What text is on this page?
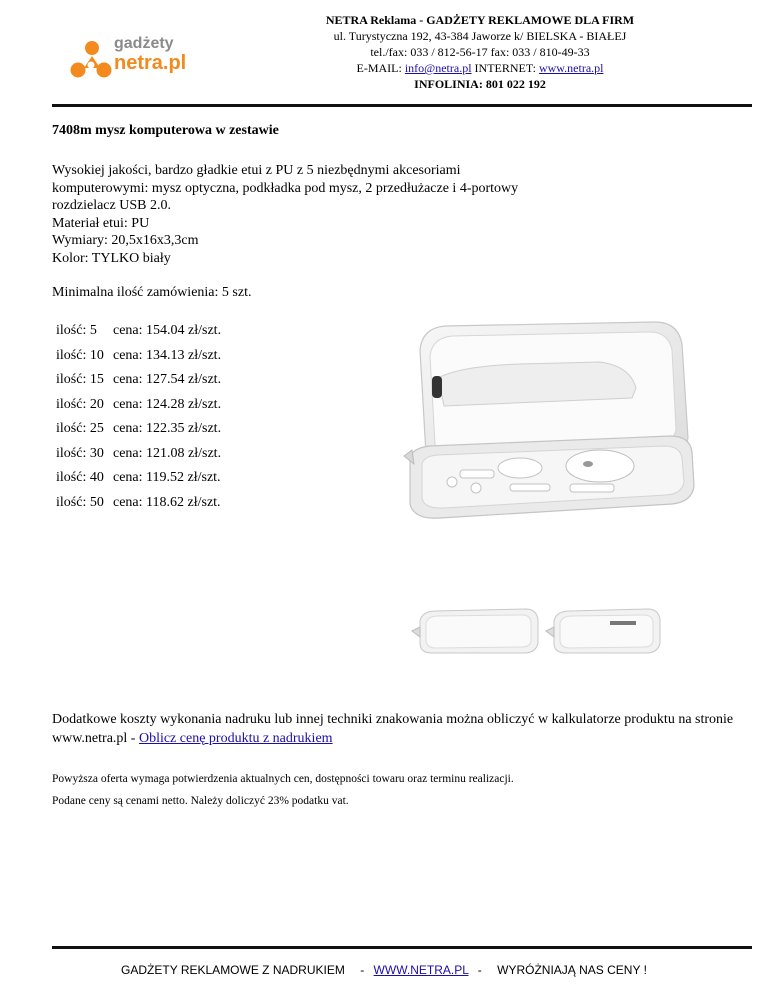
gadżety
netra.pl
NETRA Reklama - GADŻETY REKLAMOWE DLA FIRM
ul. Turystyczna 192, 43-384 Jaworze k/ BIELSKA - BIAŁEJ
tel./fax: 033 / 812-56-17 fax: 033 / 810-49-33
E-MAIL: info@netra.pl INTERNET: www.netra.pl
INFOLINIA: 801 022 192
7408m mysz komputerowa w zestawie
Wysokiej jakości, bardzo gładkie etui z PU z 5 niezbędnymi akcesoriami
komputerowymi: mysz optyczna, podkładka pod mysz, 2 przedłużacze i 4-portowy
rozdzielacz USB 2.0.
Materiał etui: PU
Wymiary: 20,5x16x3,3cm
Kolor: TYLKO biały
Minimalna ilość zamówienia: 5 szt.
ilość: 5 cena: 154.04 zł/szt.
ilość: 10 cena: 134.13 zł/szt.
ilość: 15 cena: 127.54 zł/szt.
ilość: 20 cena: 124.28 zł/szt.
ilość: 25 cena: 122.35 zł/szt.
ilość: 30 cena: 121.08 zł/szt.
ilość: 40 cena: 119.52 zł/szt.
ilość: 50 cena: 118.62 zł/szt.
Dodatkowe koszty wykonania nadruku lub innej techniki znakowania można obliczyć w kalkulatorze produktu na stronie www.netra.pl - Oblicz cenę produktu z nadrukiem
Powyższa oferta wymaga potwierdzenia aktualnych cen, dostępności towaru oraz terminu realizacji.
Podane ceny są cenami netto. Należy doliczyć 23% podatku vat.
GADŻETY REKLAMOWE Z NADRUKIEM - WWW.NETRA.PL - WYRÓŻNIAJĄ NAS CENY !
